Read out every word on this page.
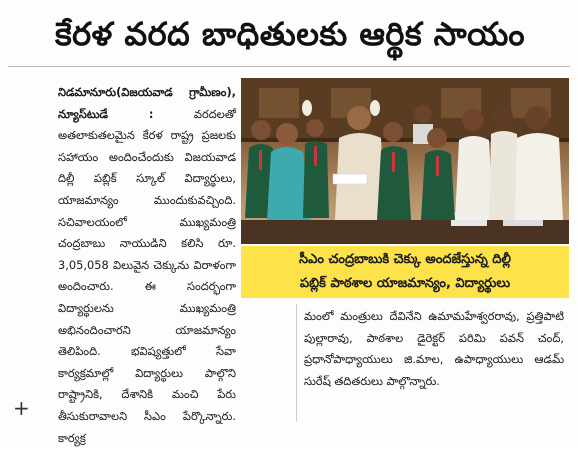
కేరళ వరద బాధితులకు ఆర్థిక సాయం

నిడమానూరు(విజయవాడ గ్రామీణం), న్యూస్‌టుడే :	వరదలతో అతలాకుతలమైన కేరళ రాష్ట్ర ప్రజలకు సహాయం అందించేందుకు విజయవాడ దిల్లీ పబ్లిక్ స్కూల్ విద్యార్థులు, యాజమాన్యం ముందుకువచ్చింది. సచివాలయంలో ముఖ్యమంత్రి చంద్రబాబు నాయుడిని కలిసి రూ. 3,05,058 విలువైన చెక్కును విరాళంగా అందించారు. ఈ సందర్భంగా విద్యార్థులను ముఖ్యమంత్రి అభినందించారని యాజమాన్యం తెలిపింది. భవిష్యత్తులో సేవా కార్యక్రమాల్లో విద్యార్థులు పాల్గొని రాష్ట్రానికి, దేశానికి మంచి పేరు తీసుకురావాలని సీఎం పేర్కొన్నారు. కార్యక్ర

సీఎం చంద్రబాబుకి చెక్కు అందజేస్తున్న దిల్లీ
పబ్లిక్ పాఠశాల యాజమాన్యం, విద్యార్థులు

మంలో మంత్రులు దేవినేని ఉమామహేశ్వరరావు, ప్రత్తిపాటి పుల్లారావు, పాఠశాల డైరెక్టర్ పరిమి పవన్ చంద్, ప్రధానోపాధ్యాయులు జి.మాల, ఉపాధ్యాయులు ఆడమ్ సురేష్ తదితరులు పాల్గొన్నారు.

+
